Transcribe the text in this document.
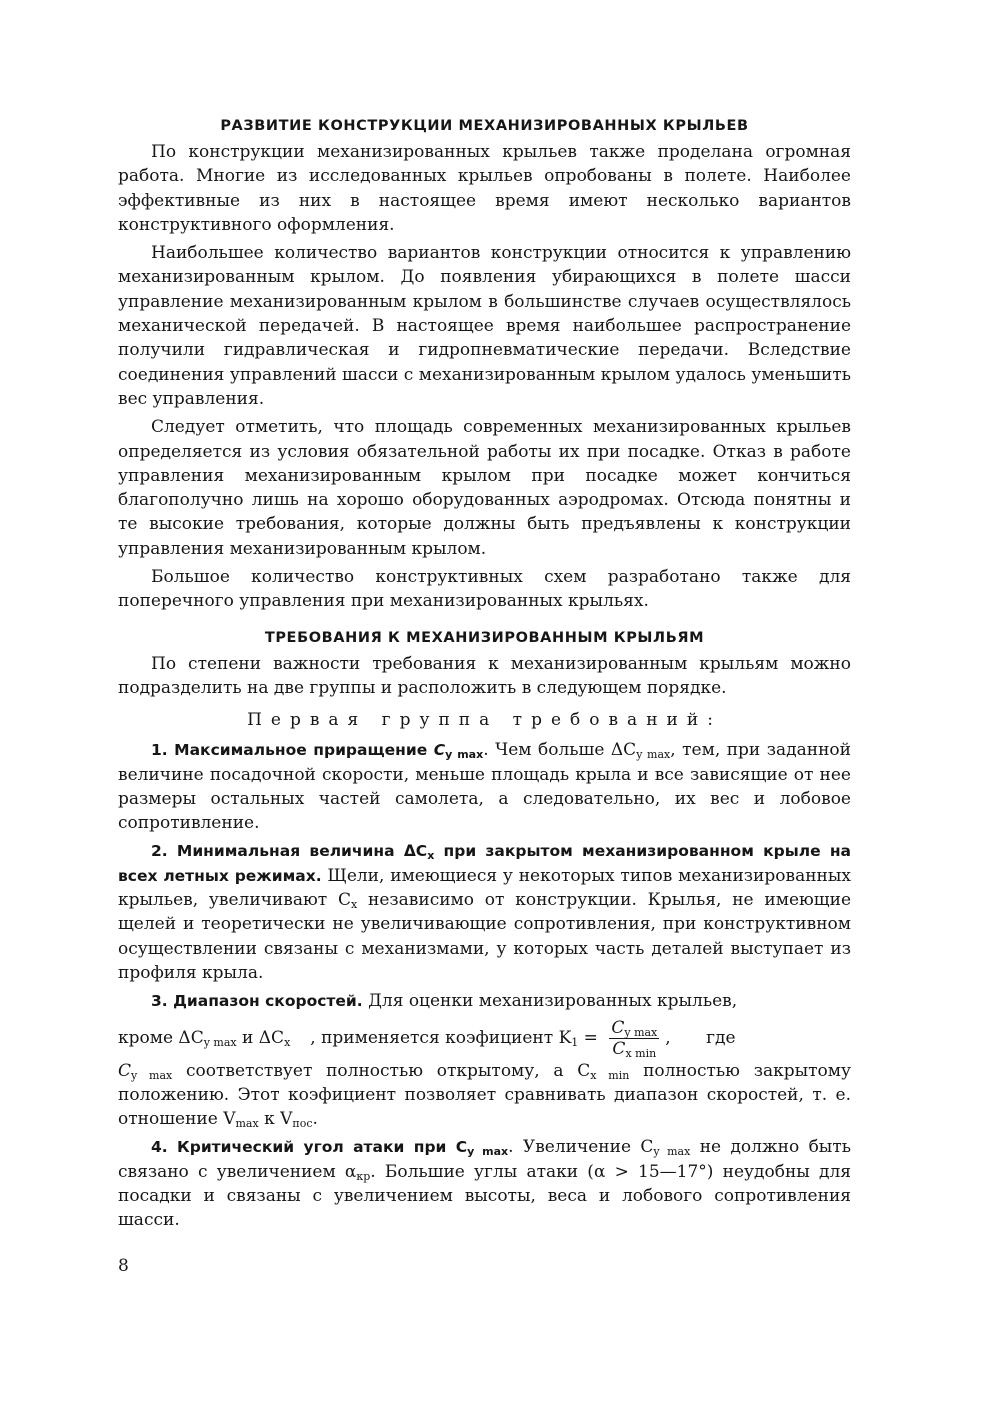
РАЗВИТИЕ КОНСТРУКЦИИ МЕХАНИЗИРОВАННЫХ КРЫЛЬЕВ

По конструкции механизированных крыльев также проделана огромная работа. Многие из исследованных крыльев опробованы в полете. Наиболее эффективные из них в настоящее время имеют несколько вариантов конструктивного оформления.

Наибольшее количество вариантов конструкции относится к управлению механизированным крылом. До появления убирающихся в полете шасси управление механизированным крылом в большинстве случаев осуществлялось механической передачей. В настоящее время наибольшее распространение получили гидравлическая и гидропневматические передачи. Вследствие соединения управлений шасси с механизированным крылом удалось уменьшить вес управления.

Следует отметить, что площадь современных механизированных крыльев определяется из условия обязательной работы их при посадке. Отказ в работе управления механизированным крылом при посадке может кончиться благополучно лишь на хорошо оборудованных аэродромах. Отсюда понятны и те высокие требования, которые должны быть предъявлены к конструкции управления механизированным крылом.

Большое количество конструктивных схем разработано также для поперечного управления при механизированных крыльях.

ТРЕБОВАНИЯ К МЕХАНИЗИРОВАННЫМ КРЫЛЬЯМ

По степени важности требования к механизированным крыльям можно подразделить на две группы и расположить в следующем порядке.

Первая группа требований:

1. Максимальное приращение $C_{y max}$. Чем больше $\Delta C_{y max}$, тем, при заданной величине посадочной скорости, меньше площадь крыла и все зависящие от нее размеры остальных частей самолета, а следовательно, их вес и лобовое сопротивление.

2. Минимальная величина $\Delta C_x$ при закрытом механизированном крыле на всех летных режимах. Щели, имеющиеся у некоторых типов механизированных крыльев, увеличивают $C_x$ независимо от конструкции. Крылья, не имеющие щелей и теоретически не увеличивающие сопротивления, при конструктивном осуществлении связаны с механизмами, у которых часть деталей выступает из профиля крыла.

3. Диапазон скоростей. Для оценки механизированных крыльев,

кроме $\Delta C_{y max}$ и $\Delta C_x$ , применяется коэфициент $K_1 = \frac{C_{y max}}{C_{x min}}$ , где

$C_{y max}$ соответствует полностью открытому, а $C_{x min}$ полностью закрытому положению. Этот коэфициент позволяет сравнивать диапазон скоростей, т. е. отношение $V_{max}$ к $V_{пос}$.

4. Критический угол атаки при $C_{y max}$. Увеличение $C_{y max}$ не должно быть связано с увеличением $\alpha_{кр}$. Большие углы атаки (α > 15—17°) неудобны для посадки и связаны с увеличением высоты, веса и лобового сопротивления шасси.

8
